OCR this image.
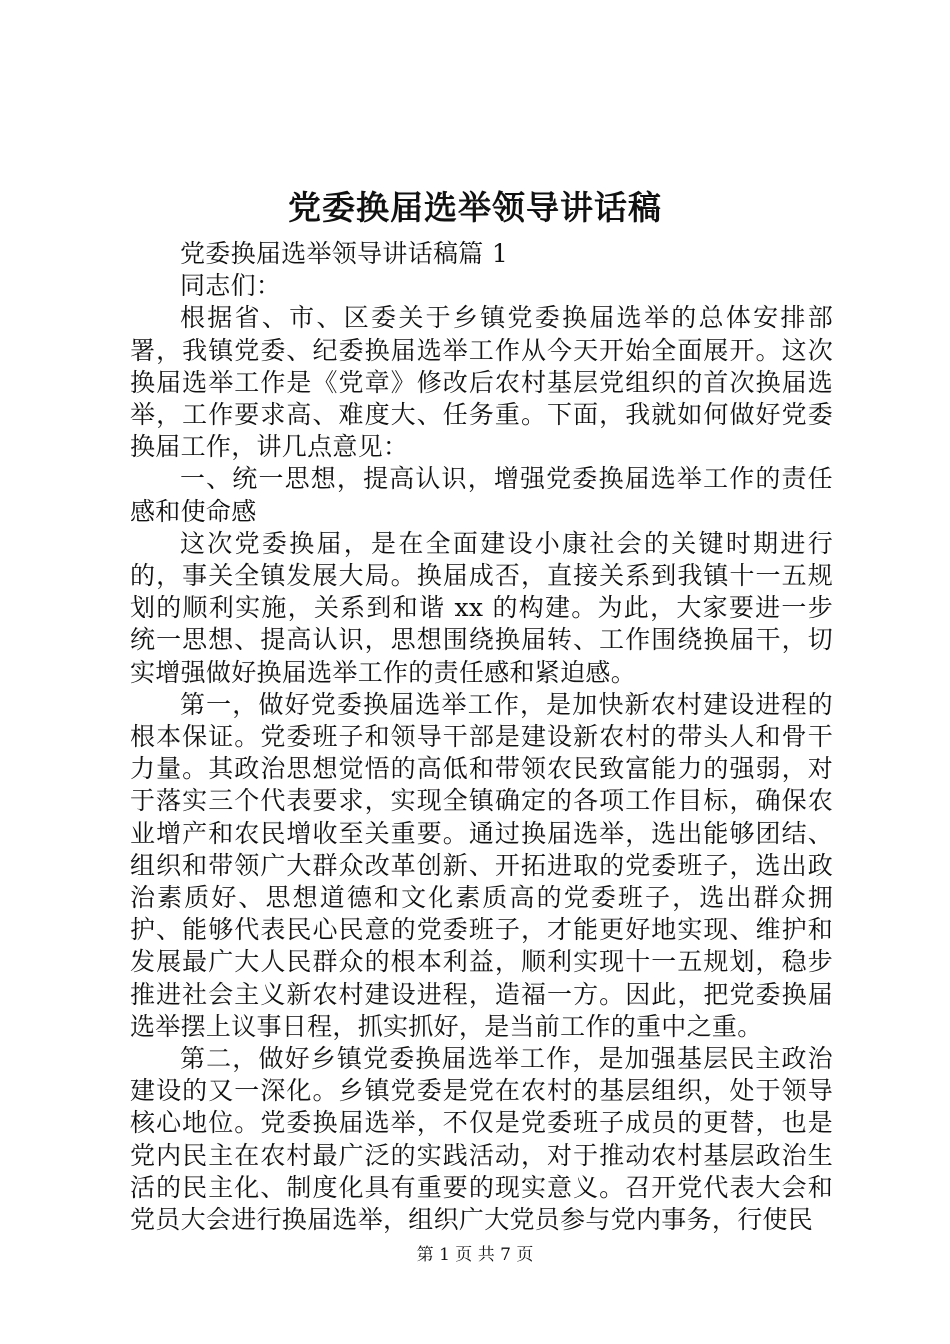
党委换届选举领导讲话稿

党委换届选举领导讲话稿篇 1

同志们：

根据省、市、区委关于乡镇党委换届选举的总体安排部署，我镇党委、纪委换届选举工作从今天开始全面展开。这次换届选举工作是《党章》修改后农村基层党组织的首次换届选举，工作要求高、难度大、任务重。下面，我就如何做好党委换届工作，讲几点意见：

一、统一思想，提高认识，增强党委换届选举工作的责任感和使命感

这次党委换届，是在全面建设小康社会的关键时期进行的，事关全镇发展大局。换届成否，直接关系到我镇十一五规划的顺利实施，关系到和谐 xx 的构建。为此，大家要进一步统一思想、提高认识，思想围绕换届转、工作围绕换届干，切实增强做好换届选举工作的责任感和紧迫感。

第一，做好党委换届选举工作，是加快新农村建设进程的根本保证。党委班子和领导干部是建设新农村的带头人和骨干力量。其政治思想觉悟的高低和带领农民致富能力的强弱，对于落实三个代表要求，实现全镇确定的各项工作目标，确保农业增产和农民增收至关重要。通过换届选举，选出能够团结、组织和带领广大群众改革创新、开拓进取的党委班子，选出政治素质好、思想道德和文化素质高的党委班子，选出群众拥护、能够代表民心民意的党委班子，才能更好地实现、维护和发展最广大人民群众的根本利益，顺利实现十一五规划，稳步推进社会主义新农村建设进程，造福一方。因此，把党委换届选举摆上议事日程，抓实抓好，是当前工作的重中之重。

第二，做好乡镇党委换届选举工作，是加强基层民主政治建设的又一深化。乡镇党委是党在农村的基层组织，处于领导核心地位。党委换届选举，不仅是党委班子成员的更替，也是党内民主在农村最广泛的实践活动，对于推动农村基层政治生活的民主化、制度化具有重要的现实意义。召开党代表大会和党员大会进行换届选举，组织广大党员参与党内事务，行使民

第 1 页 共 7 页
